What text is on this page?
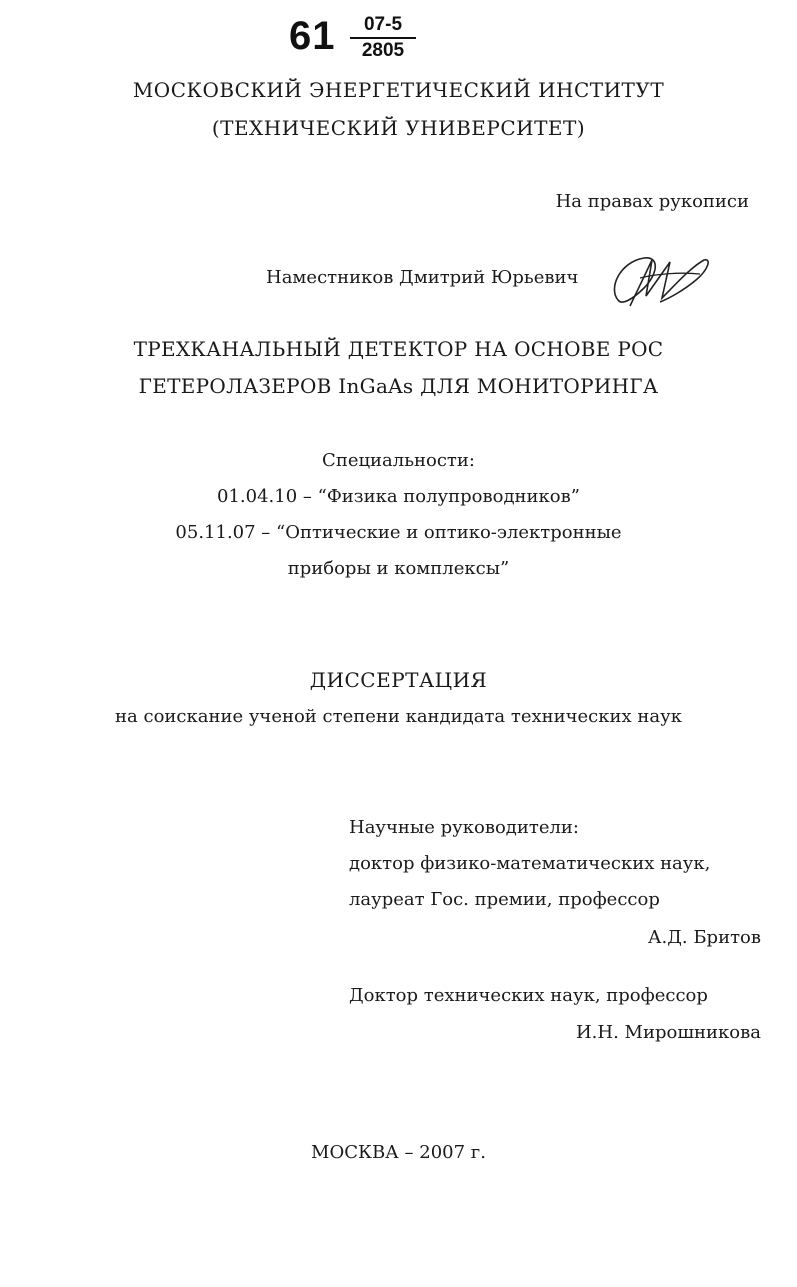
$61 \frac{07-5}{2805}$
МОСКОВСКИЙ ЭНЕРГЕТИЧЕСКИЙ ИНСТИТУТ
(ТЕХНИЧЕСКИЙ УНИВЕРСИТЕТ)
На правах рукописи
Наместников Дмитрий Юрьевич
ТРЕХКАНАЛЬНЫЙ ДЕТЕКТОР НА ОСНОВЕ РОС
ГЕТЕРОЛАЗЕРОВ InGaAs ДЛЯ МОНИТОРИНГА
Специальности:
01.04.10 – “Физика полупроводников”
05.11.07 – “Оптические и оптико-электронные
приборы и комплексы”
ДИССЕРТАЦИЯ
на соискание ученой степени кандидата технических наук
Научные руководители:
доктор физико-математических наук,
лауреат Гос. премии, профессор
А.Д. Бритов
Доктор технических наук, профессор
И.Н. Мирошникова
МОСКВА – 2007 г.
